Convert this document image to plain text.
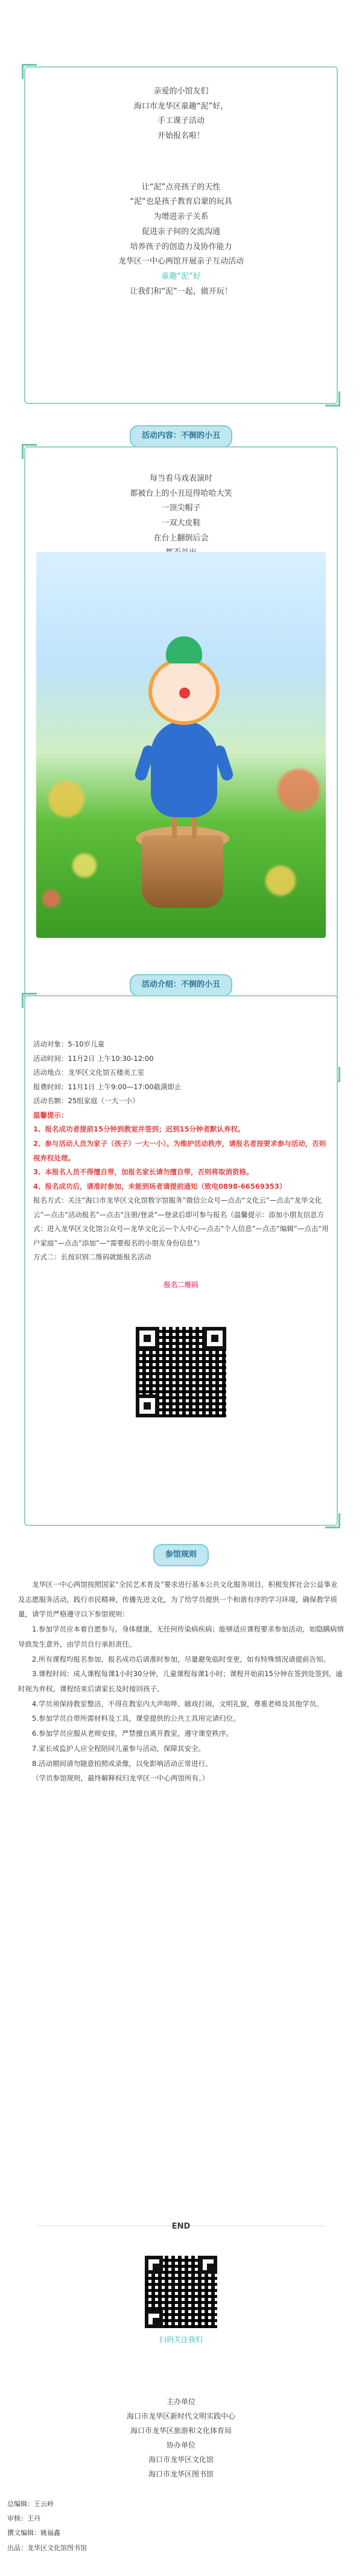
亲爱的小馆友们
海口市龙华区童趣“泥”好，
手工课子活动
开始报名啦！
让“泥”点亮孩子的天性
“泥”也是孩子教育启蒙的玩具
为增进亲子关系
促进亲子间的交流沟通
培养孩子的创造力及协作能力
龙华区一中心两馆开展亲子互动活动
童趣“泥”好
让我们和“泥”一起，做开玩！
活动内容：不倒的小丑
每当看马戏表演时
都被台上的小丑逗得哈哈大笑
一顶尖帽子
一双大皮鞋
在台上翻倒后会
活动介绍：不倒的小丑

活动对象：5-10岁儿童

活动时间：11月2日 上午10:30-12:00

活动地点：龙华区文化馆五楼美工室

报费时间：11月1日 上午9:00—17:00截满即止

活动名额：25组家庭（一大一小）

温馨提示：

1、报名成功者提前15分钟到教室并签到；迟到15分钟者默认弃权。

2、参与活动人员为家子（孩子）一大一小）。为维护活动秩序，请报名者按要求参与活动，否则视弃权处理。

3、本报名人员不得擅自带，加报名家长请勿擅自带，否则将取消资格。

4、报名成功后，请准时参加，未能到场者请提前通知（致电0898-66569353）

报名方式：关注“海口市龙华区文化馆数字馆服务”微信公众号—点击“文化云”—点击“龙华文化云”—点击“活动报名”—点击“注册/登录”—登录后即可参与报名（温馨提示：添加小朋友信息方式：进入龙华区文化馆公众号—龙华文化云—个人中心—点击“个人信息”—点击“编辑”—点击“用户家庭”—点击“添加”—“需要报名的小朋友身份信息”）

方式二：长按识别二维码就能报名活动

报名二维码

参馆规则

龙华区一中心两馆按照国家“全民艺术普及”要求进行基本公共文化服务项目，积极发挥社会公益事业及志愿服务活动，践行市民精神，传播先进文化，为了给学员提供一个和谐有序的学习环境，确保教学质量，请学员严格遵守以下参馆规则：

1.参加学员应本着自愿参与，身体健康，无任何传染病疾病；能够适应课程要求参加活动，如隐瞒病情导致发生意外，由学员自行承担责任。

2.所有课程均报名参加，报名成功后请准时参加，尽量避免临时变更，如有特殊情况请提前告知。

3.课程时间：成人课程每课1小时30分钟，儿童课程每课1小时；课程开始前15分钟在签到处签到，逾时视为弃权。课程结束后请家长及时接回孩子。

4.学员须保持教室整洁，不得在教室内大声喧哗、嬉戏打闹，文明礼貌，尊重老师及其他学员。

5.参加学员自带所需材料及工具，课堂提供的公共工具用完请归位。

6.参加学员应服从老师安排，严禁擅自离开教室，遵守课堂秩序。

7.家长或监护人应全程陪同儿童参与活动，保障其安全。

8.活动期间请勿随意拍照或录像，以免影响活动正常进行。

（学员参馆规则，最终解释权归龙华区一中心两馆所有。）

END
扫码关注我们
主办单位
海口市龙华区新时代文明实践中心
海口市龙华区旅游和文化体育局
协办单位
海口市龙华区文化馆
海口市龙华区图书馆
总编辑：王云岭
审核：王丹
撰文编辑：姚福鑫
出品：龙华区文化馆图书馆
